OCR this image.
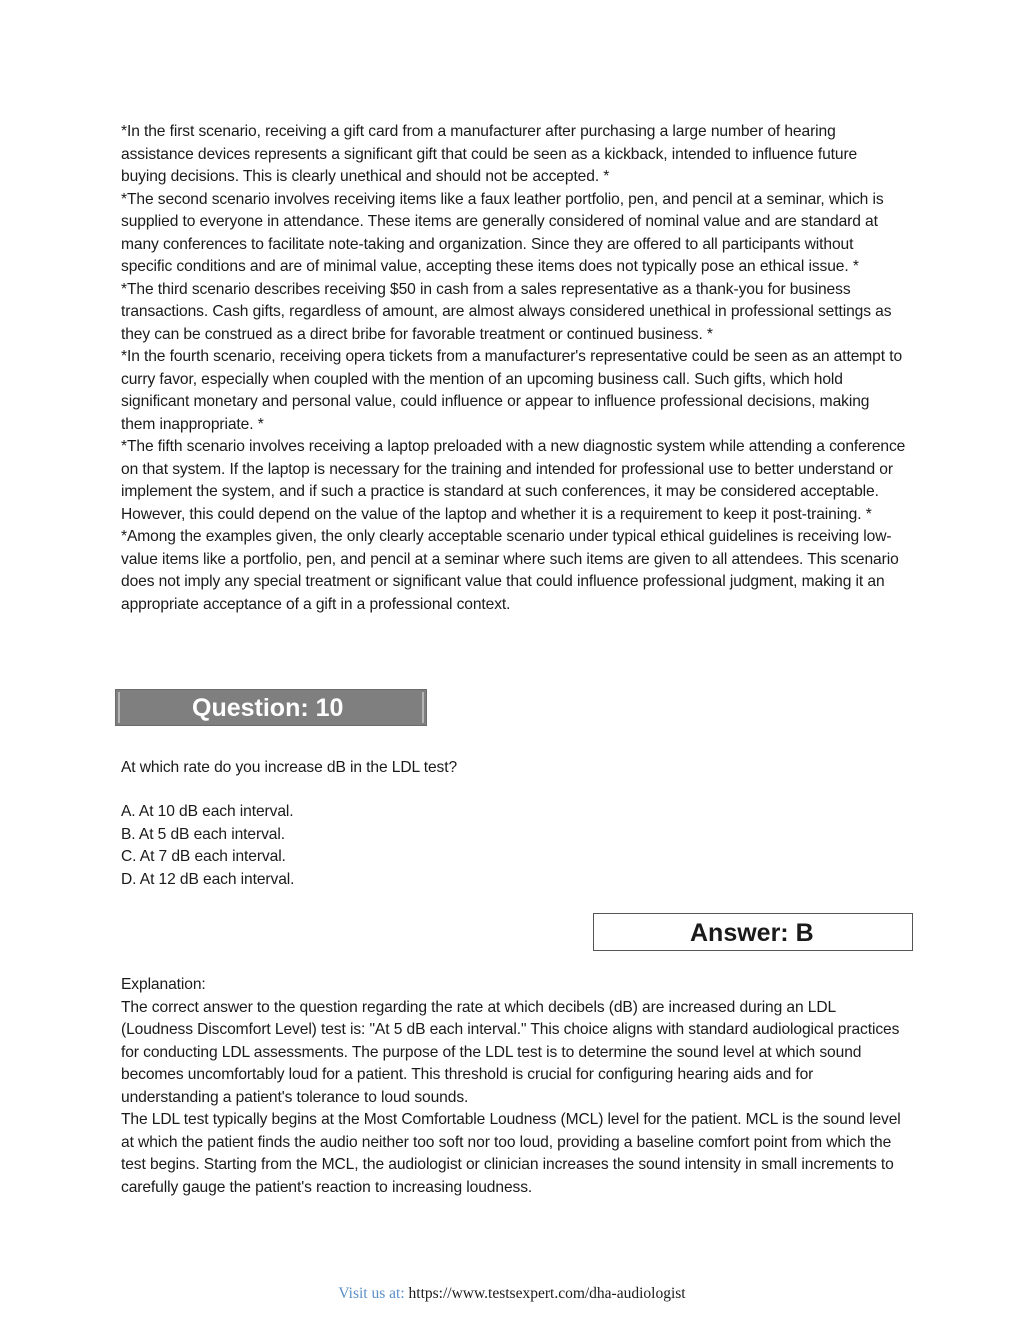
*In the first scenario, receiving a gift card from a manufacturer after purchasing a large number of hearing assistance devices represents a significant gift that could be seen as a kickback, intended to influence future buying decisions. This is clearly unethical and should not be accepted. *

*The second scenario involves receiving items like a faux leather portfolio, pen, and pencil at a seminar, which is supplied to everyone in attendance. These items are generally considered of nominal value and are standard at many conferences to facilitate note-taking and organization. Since they are offered to all participants without specific conditions and are of minimal value, accepting these items does not typically pose an ethical issue. *

*The third scenario describes receiving $50 in cash from a sales representative as a thank-you for business transactions. Cash gifts, regardless of amount, are almost always considered unethical in professional settings as they can be construed as a direct bribe for favorable treatment or continued business. *

*In the fourth scenario, receiving opera tickets from a manufacturer's representative could be seen as an attempt to curry favor, especially when coupled with the mention of an upcoming business call. Such gifts, which hold significant monetary and personal value, could influence or appear to influence professional decisions, making them inappropriate. *

*The fifth scenario involves receiving a laptop preloaded with a new diagnostic system while attending a conference on that system. If the laptop is necessary for the training and intended for professional use to better understand or implement the system, and if such a practice is standard at such conferences, it may be considered acceptable. However, this could depend on the value of the laptop and whether it is a requirement to keep it post-training. *

*Among the examples given, the only clearly acceptable scenario under typical ethical guidelines is receiving low-value items like a portfolio, pen, and pencil at a seminar where such items are given to all attendees. This scenario does not imply any special treatment or significant value that could influence professional judgment, making it an appropriate acceptance of a gift in a professional context.

Question: 10

At which rate do you increase dB in the LDL test?

A. At 10 dB each interval.

B. At 5 dB each interval.

C. At 7 dB each interval.

D. At 12 dB each interval.

Answer: B

Explanation:

The correct answer to the question regarding the rate at which decibels (dB) are increased during an LDL (Loudness Discomfort Level) test is: "At 5 dB each interval." This choice aligns with standard audiological practices for conducting LDL assessments. The purpose of the LDL test is to determine the sound level at which sound becomes uncomfortably loud for a patient. This threshold is crucial for configuring hearing aids and for understanding a patient's tolerance to loud sounds.

The LDL test typically begins at the Most Comfortable Loudness (MCL) level for the patient. MCL is the sound level at which the patient finds the audio neither too soft nor too loud, providing a baseline comfort point from which the test begins. Starting from the MCL, the audiologist or clinician increases the sound intensity in small increments to carefully gauge the patient's reaction to increasing loudness.

Visit us at: https://www.testsexpert.com/dha-audiologist
